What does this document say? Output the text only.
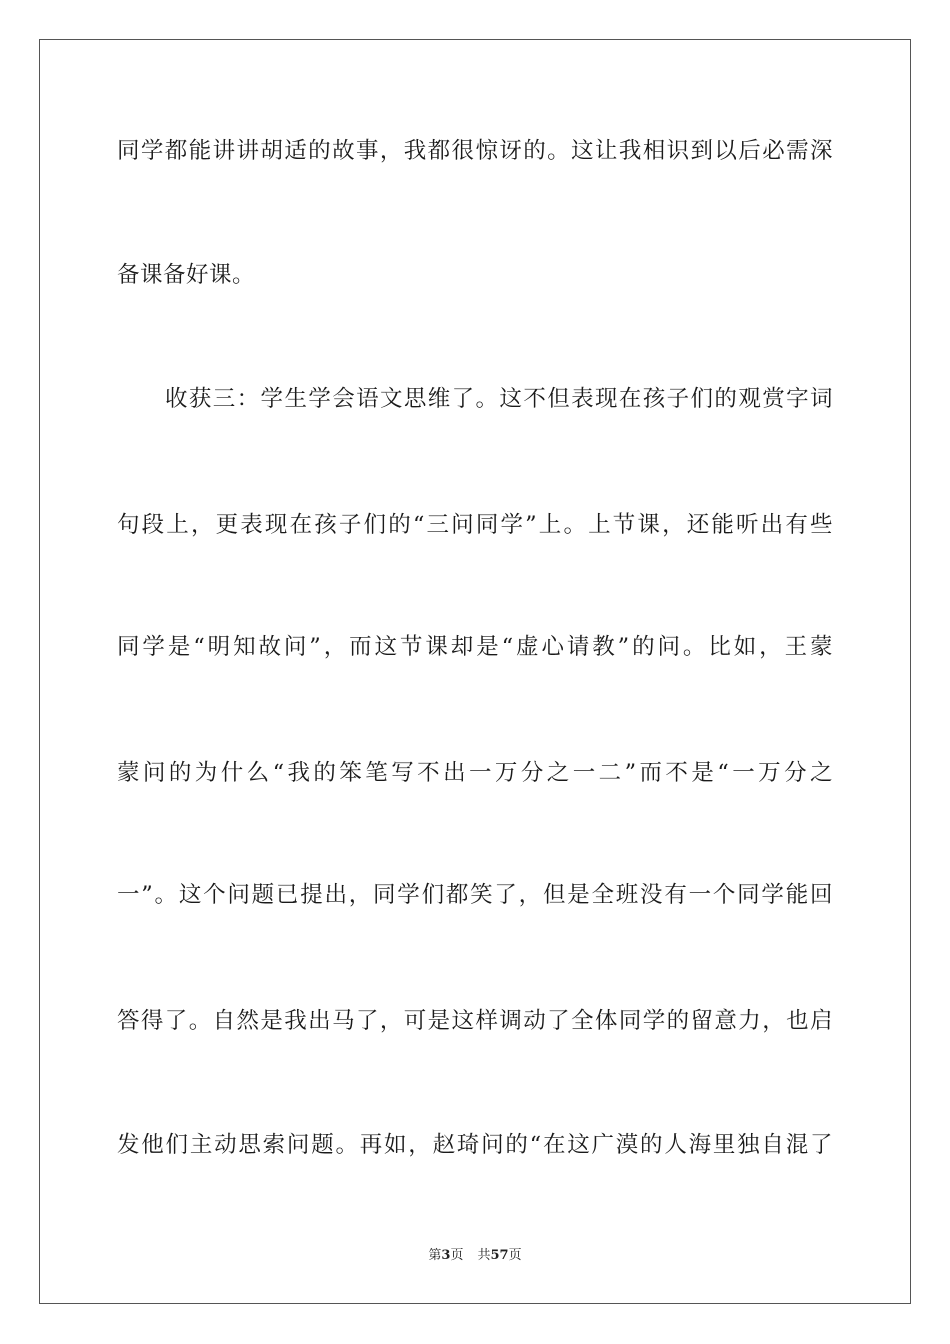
同学都能讲讲胡适的故事，我都很惊讶的。这让我相识到以后必需深
备课备好课。
收获三：学生学会语文思维了。这不但表现在孩子们的观赏字词
句段上，更表现在孩子们的“三问同学”上。上节课，还能听出有些
同学是“明知故问”，而这节课却是“虚心请教”的问。比如，王蒙
蒙问的为什么“我的笨笔写不出一万分之一二”而不是“一万分之
一”。这个问题已提出，同学们都笑了，但是全班没有一个同学能回
答得了。自然是我出马了，可是这样调动了全体同学的留意力，也启
发他们主动思索问题。再如，赵琦问的“在这广漠的人海里独自混了
第3页 共57页
